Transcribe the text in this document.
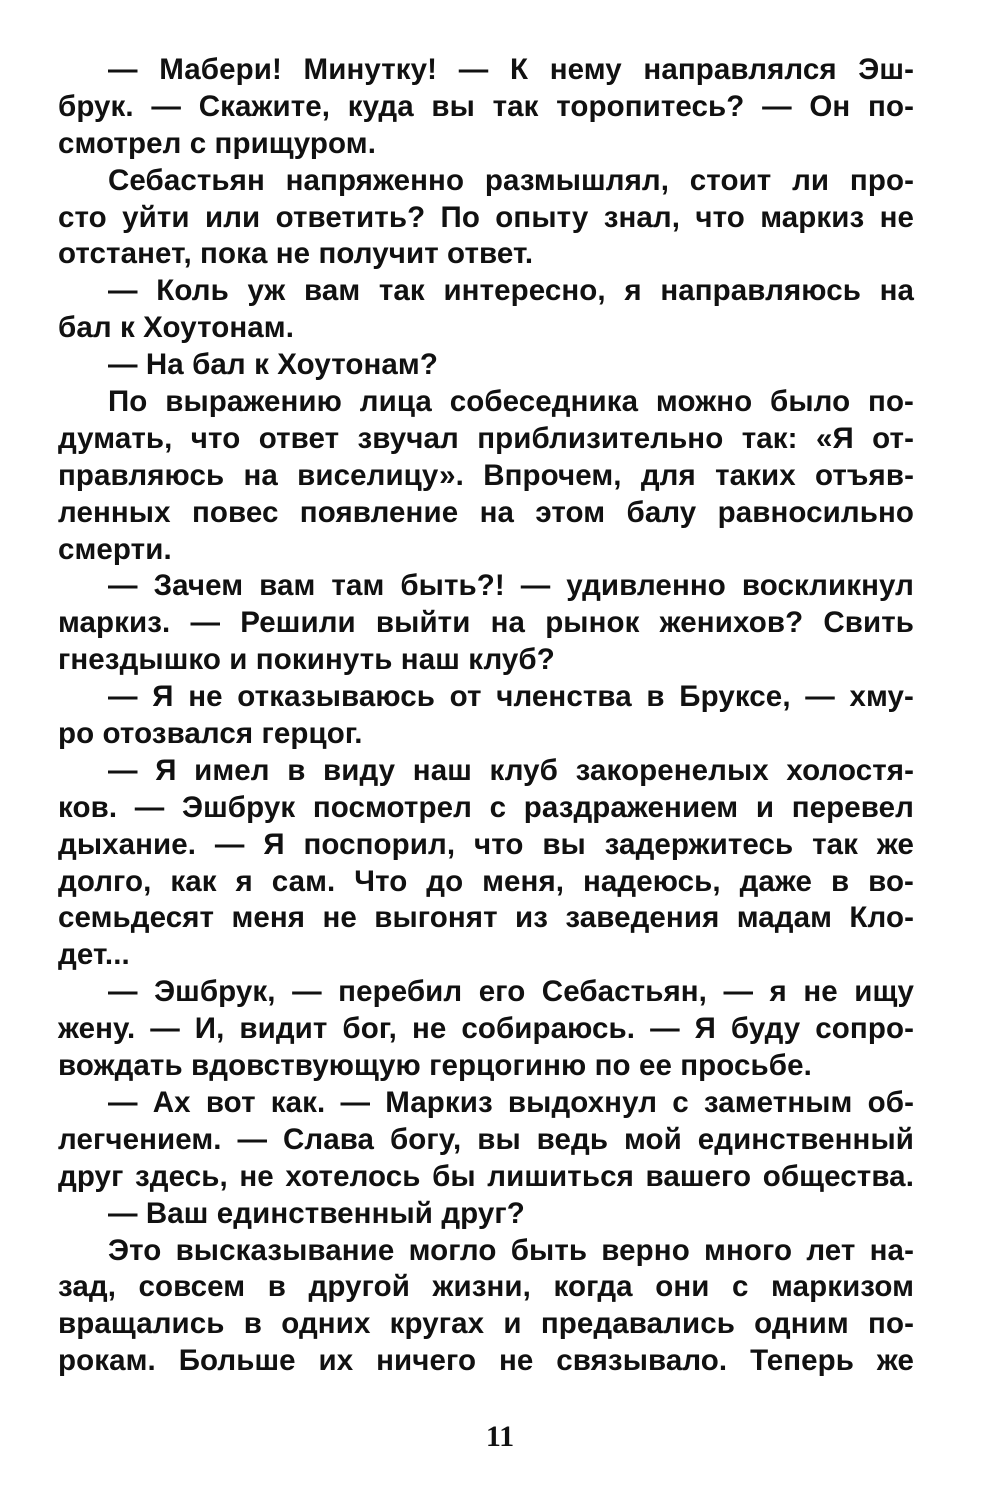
— Мабери! Минутку! — К нему направлялся Эш-
брук. — Скажите, куда вы так торопитесь? — Он по-
смотрел с прищуром.
Себастьян напряженно размышлял, стоит ли про-
сто уйти или ответить? По опыту знал, что маркиз не
отстанет, пока не получит ответ.
— Коль уж вам так интересно, я направляюсь на
бал к Хоутонам.
— На бал к Хоутонам?
По выражению лица собеседника можно было по-
думать, что ответ звучал приблизительно так: «Я от-
правляюсь на виселицу». Впрочем, для таких отъяв-
ленных повес появление на этом балу равносильно
смерти.
— Зачем вам там быть?! — удивленно воскликнул
маркиз. — Решили выйти на рынок женихов? Свить
гнездышко и покинуть наш клуб?
— Я не отказываюсь от членства в Бруксе, — хму-
ро отозвался герцог.
— Я имел в виду наш клуб закоренелых холостя-
ков. — Эшбрук посмотрел с раздражением и перевел
дыхание. — Я поспорил, что вы задержитесь так же
долго, как я сам. Что до меня, надеюсь, даже в во-
семьдесят меня не выгонят из заведения мадам Кло-
дет...
— Эшбрук, — перебил его Себастьян, — я не ищу
жену. — И, видит бог, не собираюсь. — Я буду сопро-
вождать вдовствующую герцогиню по ее просьбе.
— Ах вот как. — Маркиз выдохнул с заметным об-
легчением. — Слава богу, вы ведь мой единственный
друг здесь, не хотелось бы лишиться вашего общества.
— Ваш единственный друг?
Это высказывание могло быть верно много лет на-
зад, совсем в другой жизни, когда они с маркизом
вращались в одних кругах и предавались одним по-
рокам. Больше их ничего не связывало. Теперь же
11
